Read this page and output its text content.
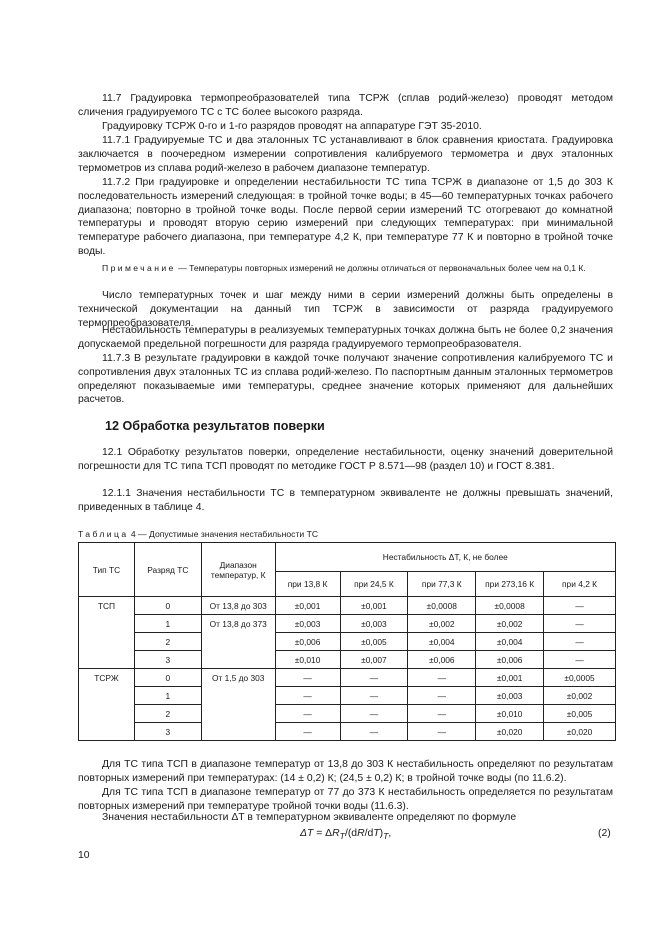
11.7 Градуировка термопреобразователей типа ТСРЖ (сплав родий-железо) проводят методом сличения градуируемого ТС с ТС более высокого разряда.

Градуировку ТСРЖ 0-го и 1-го разрядов проводят на аппаратуре ГЭТ 35-2010.

11.7.1 Градуируемые ТС и два эталонных ТС устанавливают в блок сравнения криостата. Градуировка заключается в поочередном измерении сопротивления калибруемого термометра и двух эталонных термометров из сплава родий-железо в рабочем диапазоне температур.

11.7.2 При градуировке и определении нестабильности ТС типа ТСРЖ в диапазоне от 1,5 до 303 К последовательность измерений следующая: в тройной точке воды; в 45—60 температурных точках рабочего диапазона; повторно в тройной точке воды. После первой серии измерений ТС отогревают до комнатной температуры и проводят вторую серию измерений при следующих температурах: при минимальной температуре рабочего диапазона, при температуре 4,2 К, при температуре 77 К и повторно в тройной точке воды.

Примечание — Температуры повторных измерений не должны отличаться от первоначальных более чем на 0,1 К.

Число температурных точек и шаг между ними в серии измерений должны быть определены в технической документации на данный тип ТСРЖ в зависимости от разряда градуируемого термопреобразователя.

Нестабильность температуры в реализуемых температурных точках должна быть не более 0,2 значения допускаемой предельной погрешности для разряда градуируемого термопреобразователя.

11.7.3 В результате градуировки в каждой точке получают значение сопротивления калибруемого ТС и сопротивления двух эталонных ТС из сплава родий-железо. По паспортным данным эталонных термометров определяют показываемые ими температуры, среднее значение которых применяют для дальнейших расчетов.

12 Обработка результатов поверки

12.1 Обработку результатов поверки, определение нестабильности, оценку значений доверительной погрешности для ТС типа ТСП проводят по методике ГОСТ Р 8.571—98 (раздел 10) и ГОСТ 8.381.

12.1.1 Значения нестабильности ТС в температурном эквиваленте не должны превышать значений, приведенных в таблице 4.

Таблица 4 — Допустимые значения нестабильности ТС
Тип ТС	Разряд ТС	Диапазон температур, К	Нестабильность ΔT, К, не более				
			при 13,8 К	при 24,5 К	при 77,3 К	при 273,16 К	при 4,2 К
ТСП	0	От 13,8 до 303	±0,001	±0,001	±0,0008	±0,0008	—
	1	От 13,8 до 373	±0,003	±0,003	±0,002	±0,002	—
	2		±0,006	±0,005	±0,004	±0,004	—
	3		±0,010	±0,007	±0,006	±0,006	—
ТСРЖ	0	От 1,5 до 303	—	—	—	±0,001	±0,0005
	1		—	—	—	±0,003	±0,002
	2		—	—	—	±0,010	±0,005
	3		—	—	—	±0,020	±0,020

Для ТС типа ТСП в диапазоне температур от 13,8 до 303 К нестабильность определяют по результатам повторных измерений при температурах: (14 ± 0,2) К; (24,5 ± 0,2) К; в тройной точке воды (по 11.6.2).

Для ТС типа ТСП в диапазоне температур от 77 до 373 К нестабильность определяется по результатам повторных измерений при температуре тройной точки воды (11.6.3).

Значения нестабильности ΔT в температурном эквиваленте определяют по формуле

$\Delta T = \Delta R_T/(dR/dT)_T$,	(2)
10
